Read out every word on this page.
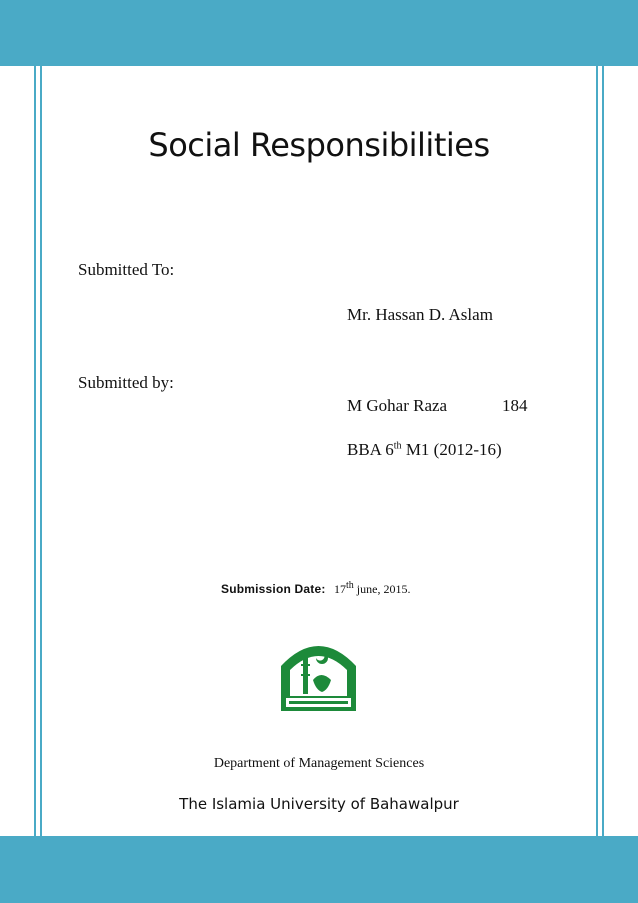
Social Responsibilities
Submitted To:
Mr. Hassan D. Aslam
Submitted by:
M Gohar Raza	184
BBA 6th M1 (2012-16)
Submission Date: 17th june, 2015.
Department of Management Sciences
The Islamia University of Bahawalpur
